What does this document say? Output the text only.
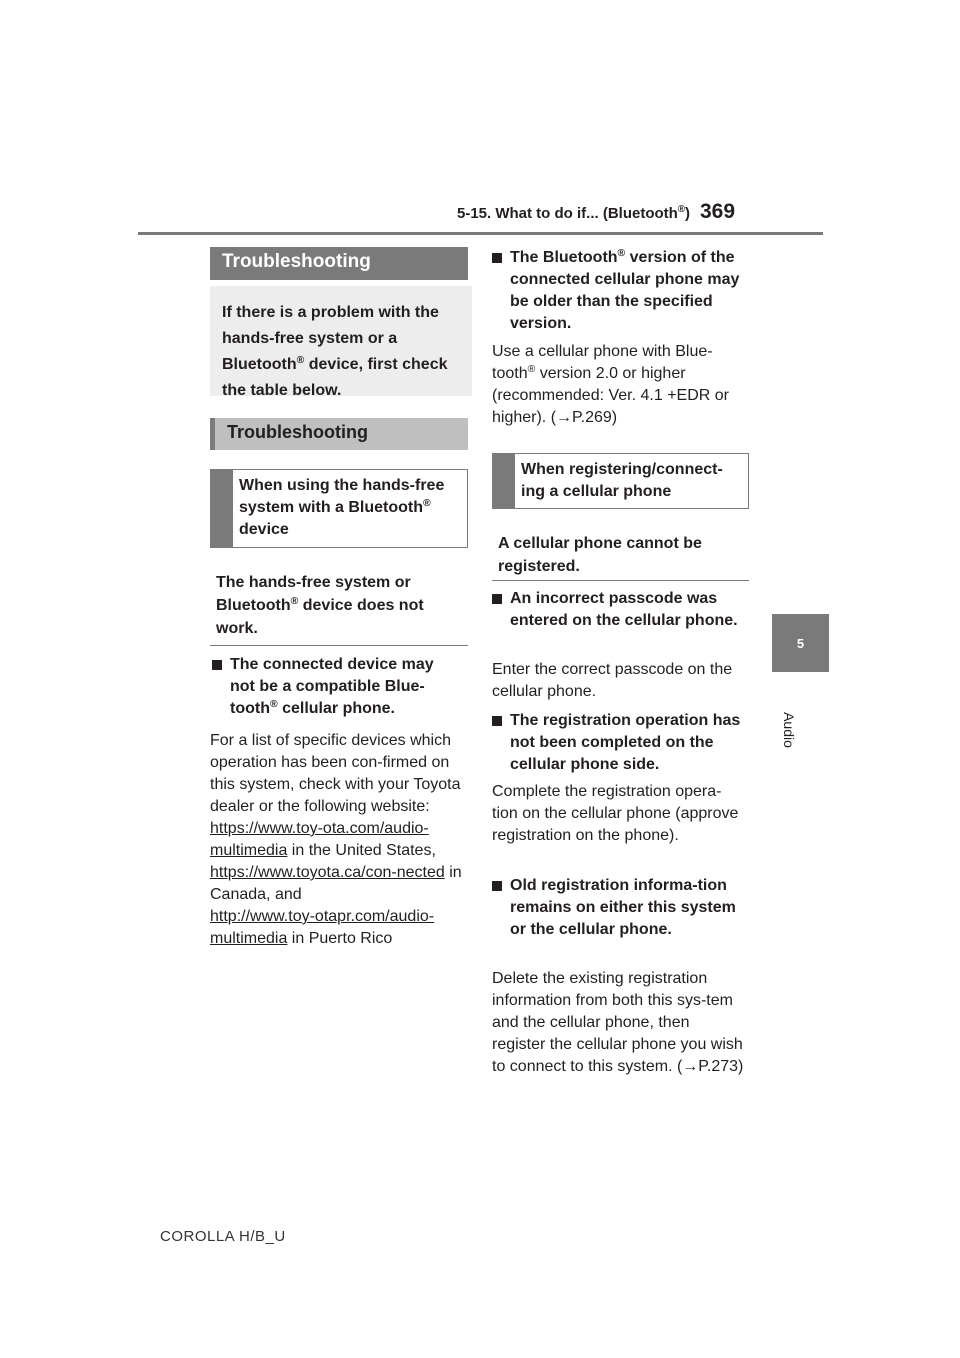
5-15. What to do if... (Bluetooth®) 369
5
Audio
Troubleshooting
If there is a problem with the hands-free system or a Bluetooth® device, first check the table below.
Troubleshooting
When using the hands-free system with a Bluetooth® device
The hands-free system or Bluetooth® device does not work.
The connected device may not be a compatible Blue-tooth® cellular phone.
For a list of specific devices which operation has been con-firmed on this system, check with your Toyota dealer or the following website:
https://www.toy-ota.com/audio-multimedia in the United States,
https://www.toyota.ca/con-nected in Canada, and
http://www.toy-otapr.com/audio-multimedia in Puerto Rico
The Bluetooth® version of the connected cellular phone may be older than the specified version.
Use a cellular phone with Blue-tooth® version 2.0 or higher (recommended: Ver. 4.1 +EDR or higher). (→P.269)
When registering/connect-ing a cellular phone
A cellular phone cannot be registered.
An incorrect passcode was entered on the cellular phone.
Enter the correct passcode on the cellular phone.
The registration operation has not been completed on the cellular phone side.
Complete the registration opera-tion on the cellular phone (approve registration on the phone).
Old registration informa-tion remains on either this system or the cellular phone.
Delete the existing registration information from both this sys-tem and the cellular phone, then register the cellular phone you wish to connect to this system. (→P.273)
COROLLA H/B_U
